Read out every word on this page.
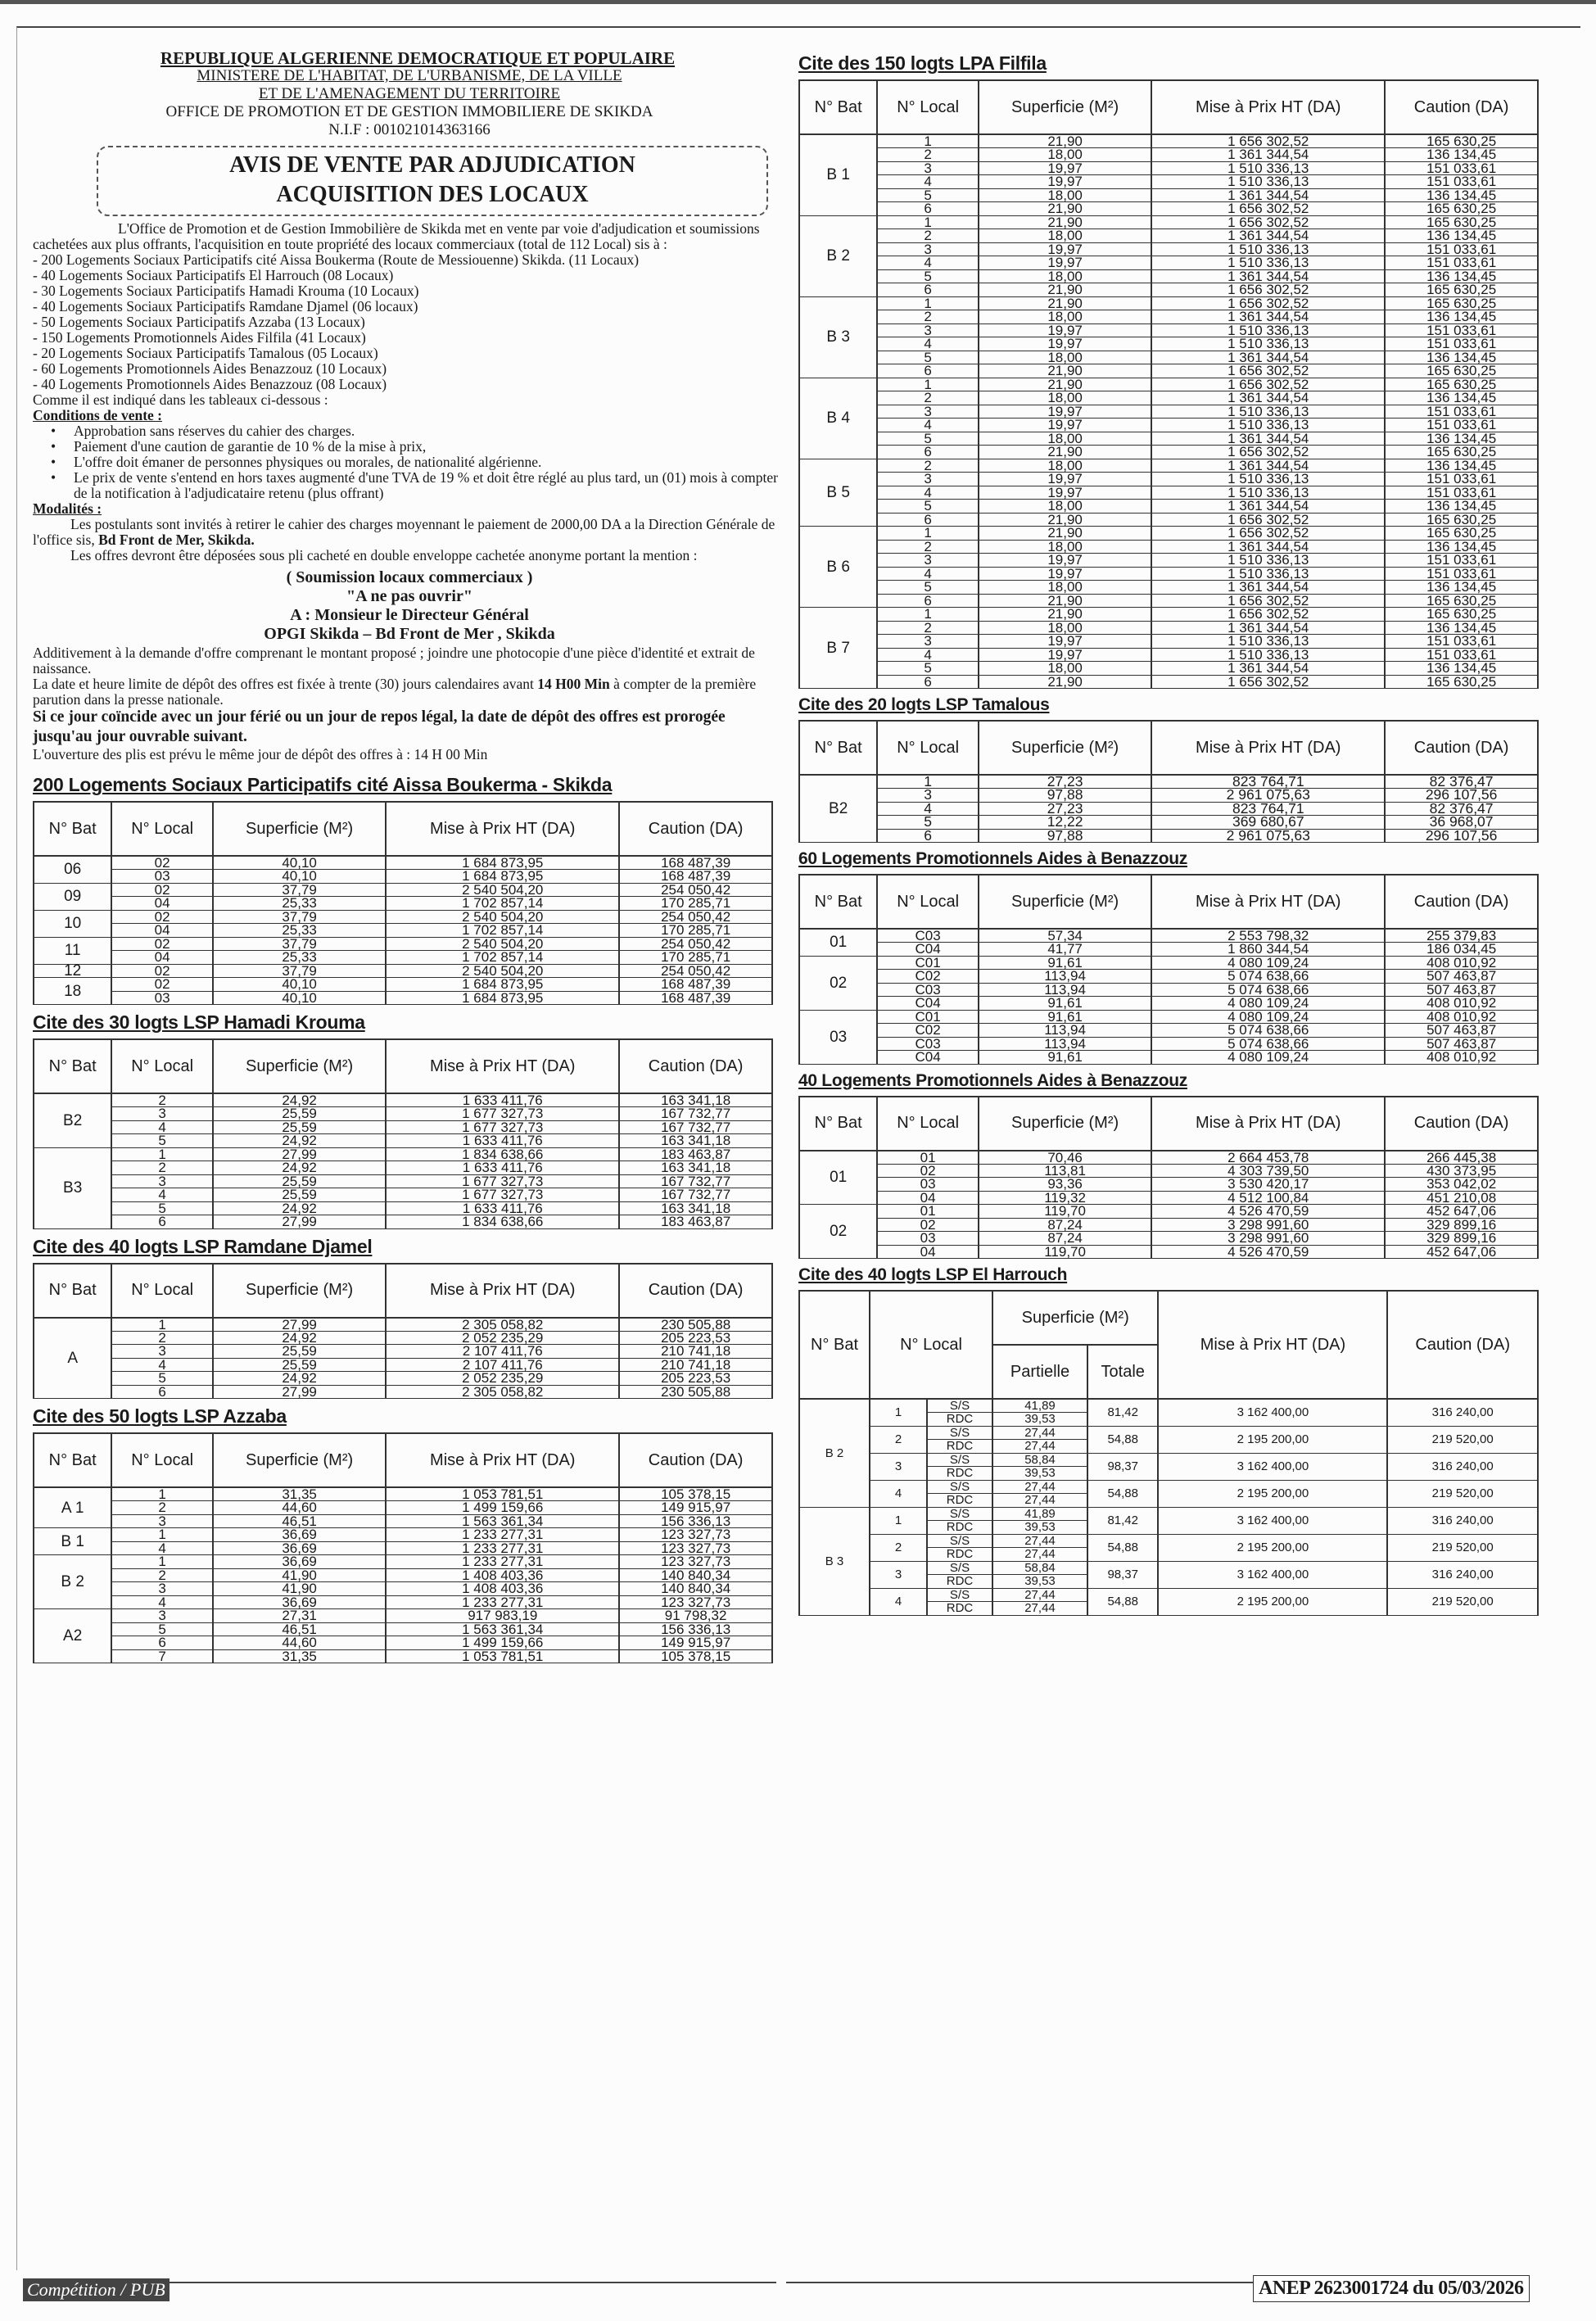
REPUBLIQUE ALGERIENNE DEMOCRATIQUE ET POPULAIRE
MINISTERE DE L'HABITAT, DE L'URBANISME, DE LA VILLE
ET DE L'AMENAGEMENT DU TERRITOIRE
OFFICE DE PROMOTION ET DE GESTION IMMOBILIERE DE SKIKDA
N.I.F : 001021014363166
AVIS DE VENTE PAR ADJUDICATION
ACQUISITION DES LOCAUX

L'Office de Promotion et de Gestion Immobilière de Skikda met en vente par voie d'adjudication et soumissions cachetées aux plus offrants, l'acquisition en toute propriété des locaux commerciaux (total de 112 Local) sis à :

- 200 Logements Sociaux Participatifs cité Aissa Boukerma (Route de Messiouenne) Skikda. (11 Locaux)

- 40 Logements Sociaux Participatifs El Harrouch (08 Locaux)

- 30 Logements Sociaux Participatifs Hamadi Krouma (10 Locaux)

- 40 Logements Sociaux Participatifs Ramdane Djamel (06 locaux)

- 50 Logements Sociaux Participatifs Azzaba (13 Locaux)

- 150 Logements Promotionnels Aides Filfila (41 Locaux)

- 20 Logements Sociaux Participatifs Tamalous (05 Locaux)

- 60 Logements Promotionnels Aides Benazzouz (10 Locaux)

- 40 Logements Promotionnels Aides Benazzouz (08 Locaux)

Comme il est indiqué dans les tableaux ci-dessous :

Conditions de vente :

• Approbation sans réserves du cahier des charges.
• Paiement d'une caution de garantie de 10 % de la mise à prix,
• L'offre doit émaner de personnes physiques ou morales, de nationalité algérienne.
• Le prix de vente s'entend en hors taxes augmenté d'une TVA de 19 % et doit être réglé au plus tard, un (01) mois à compter de la notification à l'adjudicataire retenu (plus offrant)

Modalités :

Les postulants sont invités à retirer le cahier des charges moyennant le paiement de 2000,00 DA a la Direction Générale de l'office sis, Bd Front de Mer, Skikda.

Les offres devront être déposées sous pli cacheté en double enveloppe cachetée anonyme portant la mention :

( Soumission locaux commerciaux )
"A ne pas ouvrir"
A : Monsieur le Directeur Général
OPGI Skikda – Bd Front de Mer , Skikda

Additivement à la demande d'offre comprenant le montant proposé ; joindre une photocopie d'une pièce d'identité et extrait de naissance.

La date et heure limite de dépôt des offres est fixée à trente (30) jours calendaires avant 14 H00 Min à compter de la première parution dans la presse nationale.

Si ce jour coïncide avec un jour férié ou un jour de repos légal, la date de dépôt des offres est prorogée jusqu'au jour ouvrable suivant.

L'ouverture des plis est prévu le même jour de dépôt des offres à : 14 H 00 Min

200 Logements Sociaux Participatifs cité Aissa Boukerma - Skikda
N° Bat	N° Local	Superficie (M²)	Mise à Prix HT (DA)	Caution (DA)
06	02	40,10	1 684 873,95	168 487,39
	03	40,10	1 684 873,95	168 487,39
09	02	37,79	2 540 504,20	254 050,42
	04	25,33	1 702 857,14	170 285,71
10	02	37,79	2 540 504,20	254 050,42
	04	25,33	1 702 857,14	170 285,71
11	02	37,79	2 540 504,20	254 050,42
	04	25,33	1 702 857,14	170 285,71
12	02	37,79	2 540 504,20	254 050,42
18	02	40,10	1 684 873,95	168 487,39
	03	40,10	1 684 873,95	168 487,39
Cite des 30 logts LSP Hamadi Krouma
N° Bat	N° Local	Superficie (M²)	Mise à Prix HT (DA)	Caution (DA)
B2	2	24,92	1 633 411,76	163 341,18
	3	25,59	1 677 327,73	167 732,77
	4	25,59	1 677 327,73	167 732,77
	5	24,92	1 633 411,76	163 341,18
B3	1	27,99	1 834 638,66	183 463,87
	2	24,92	1 633 411,76	163 341,18
	3	25,59	1 677 327,73	167 732,77
	4	25,59	1 677 327,73	167 732,77
	5	24,92	1 633 411,76	163 341,18
	6	27,99	1 834 638,66	183 463,87
Cite des 40 logts LSP Ramdane Djamel
N° Bat	N° Local	Superficie (M²)	Mise à Prix HT (DA)	Caution (DA)
A	1	27,99	2 305 058,82	230 505,88
	2	24,92	2 052 235,29	205 223,53
	3	25,59	2 107 411,76	210 741,18
	4	25,59	2 107 411,76	210 741,18
	5	24,92	2 052 235,29	205 223,53
	6	27,99	2 305 058,82	230 505,88
Cite des 50 logts LSP Azzaba
N° Bat	N° Local	Superficie (M²)	Mise à Prix HT (DA)	Caution (DA)
A 1	1	31,35	1 053 781,51	105 378,15
	2	44,60	1 499 159,66	149 915,97
	3	46,51	1 563 361,34	156 336,13
B 1	1	36,69	1 233 277,31	123 327,73
	4	36,69	1 233 277,31	123 327,73
B 2	1	36,69	1 233 277,31	123 327,73
	2	41,90	1 408 403,36	140 840,34
	3	41,90	1 408 403,36	140 840,34
	4	36,69	1 233 277,31	123 327,73
A2	3	27,31	917 983,19	91 798,32
	5	46,51	1 563 361,34	156 336,13
	6	44,60	1 499 159,66	149 915,97
	7	31,35	1 053 781,51	105 378,15
Cite des 150 logts LPA Filfila
N° Bat	N° Local	Superficie (M²)	Mise à Prix HT (DA)	Caution (DA)
B 1	1	21,90	1 656 302,52	165 630,25
	2	18,00	1 361 344,54	136 134,45
	3	19,97	1 510 336,13	151 033,61
	4	19,97	1 510 336,13	151 033,61
	5	18,00	1 361 344,54	136 134,45
	6	21,90	1 656 302,52	165 630,25
B 2	1	21,90	1 656 302,52	165 630,25
	2	18,00	1 361 344,54	136 134,45
	3	19,97	1 510 336,13	151 033,61
	4	19,97	1 510 336,13	151 033,61
	5	18,00	1 361 344,54	136 134,45
	6	21,90	1 656 302,52	165 630,25
B 3	1	21,90	1 656 302,52	165 630,25
	2	18,00	1 361 344,54	136 134,45
	3	19,97	1 510 336,13	151 033,61
	4	19,97	1 510 336,13	151 033,61
	5	18,00	1 361 344,54	136 134,45
	6	21,90	1 656 302,52	165 630,25
B 4	1	21,90	1 656 302,52	165 630,25
	2	18,00	1 361 344,54	136 134,45
	3	19,97	1 510 336,13	151 033,61
	4	19,97	1 510 336,13	151 033,61
	5	18,00	1 361 344,54	136 134,45
	6	21,90	1 656 302,52	165 630,25
B 5	2	18,00	1 361 344,54	136 134,45
	3	19,97	1 510 336,13	151 033,61
	4	19,97	1 510 336,13	151 033,61
	5	18,00	1 361 344,54	136 134,45
	6	21,90	1 656 302,52	165 630,25
B 6	1	21,90	1 656 302,52	165 630,25
	2	18,00	1 361 344,54	136 134,45
	3	19,97	1 510 336,13	151 033,61
	4	19,97	1 510 336,13	151 033,61
	5	18,00	1 361 344,54	136 134,45
	6	21,90	1 656 302,52	165 630,25
B 7	1	21,90	1 656 302,52	165 630,25
	2	18,00	1 361 344,54	136 134,45
	3	19,97	1 510 336,13	151 033,61
	4	19,97	1 510 336,13	151 033,61
	5	18,00	1 361 344,54	136 134,45
	6	21,90	1 656 302,52	165 630,25
Cite des 20 logts LSP Tamalous
N° Bat	N° Local	Superficie (M²)	Mise à Prix HT (DA)	Caution (DA)
B2	1	27,23	823 764,71	82 376,47
	3	97,88	2 961 075,63	296 107,56
	4	27,23	823 764,71	82 376,47
	5	12,22	369 680,67	36 968,07
	6	97,88	2 961 075,63	296 107,56
60 Logements Promotionnels Aides à Benazzouz
N° Bat	N° Local	Superficie (M²)	Mise à Prix HT (DA)	Caution (DA)
01	C03	57,34	2 553 798,32	255 379,83
	C04	41,77	1 860 344,54	186 034,45
02	C01	91,61	4 080 109,24	408 010,92
	C02	113,94	5 074 638,66	507 463,87
	C03	113,94	5 074 638,66	507 463,87
	C04	91,61	4 080 109,24	408 010,92
03	C01	91,61	4 080 109,24	408 010,92
	C02	113,94	5 074 638,66	507 463,87
	C03	113,94	5 074 638,66	507 463,87
	C04	91,61	4 080 109,24	408 010,92
40 Logements Promotionnels Aides à Benazzouz
N° Bat	N° Local	Superficie (M²)	Mise à Prix HT (DA)	Caution (DA)
01	01	70,46	2 664 453,78	266 445,38
	02	113,81	4 303 739,50	430 373,95
	03	93,36	3 530 420,17	353 042,02
	04	119,32	4 512 100,84	451 210,08
02	01	119,70	4 526 470,59	452 647,06
	02	87,24	3 298 991,60	329 899,16
	03	87,24	3 298 991,60	329 899,16
	04	119,70	4 526 470,59	452 647,06
Cite des 40 logts LSP El Harrouch
N° Bat	N° Local		Superficie (M²)		Mise à Prix HT (DA)	Caution (DA)
			Partielle	Totale		
B 2	1	S/S	41,89	81,42	3 162 400,00	316 240,00
		RDC	39,53			
	2	S/S	27,44	54,88	2 195 200,00	219 520,00
		RDC	27,44			
	3	S/S	58,84	98,37	3 162 400,00	316 240,00
		RDC	39,53			
	4	S/S	27,44	54,88	2 195 200,00	219 520,00
		RDC	27,44			
B 3	1	S/S	41,89	81,42	3 162 400,00	316 240,00
		RDC	39,53			
	2	S/S	27,44	54,88	2 195 200,00	219 520,00
		RDC	27,44			
	3	S/S	58,84	98,37	3 162 400,00	316 240,00
		RDC	39,53			
	4	S/S	27,44	54,88	2 195 200,00	219 520,00
		RDC	27,44			
Compétition / PUB	ANEP 2623001724 du 05/03/2026
